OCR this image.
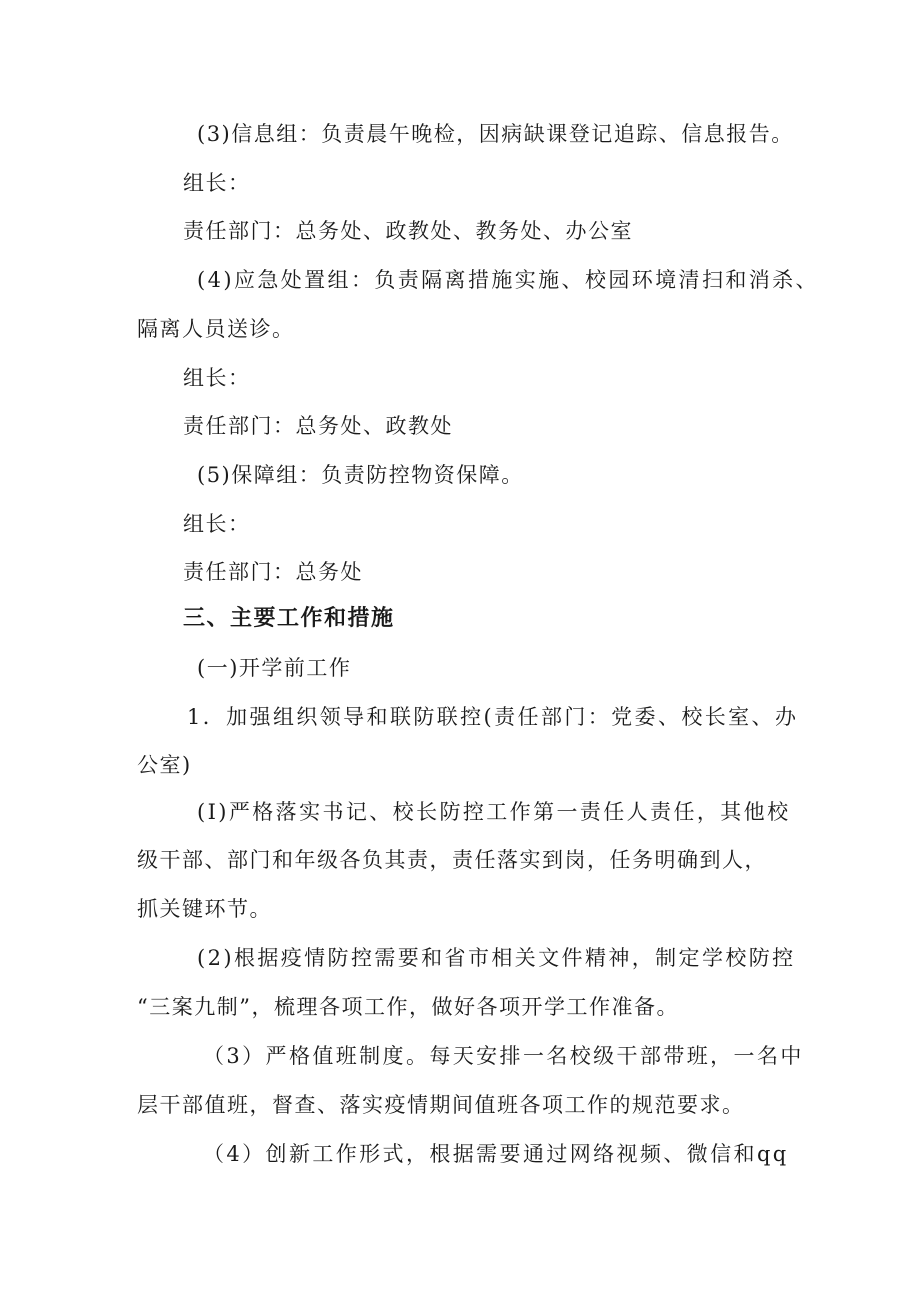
(3)信息组：负责晨午晚检，因病缺课登记追踪、信息报告。
组长：
责任部门：总务处、政教处、教务处、办公室
(4)应急处置组：负责隔离措施实施、校园环境清扫和消杀、
隔离人员送诊。
组长：
责任部门：总务处、政教处
(5)保障组：负责防控物资保障。
组长：
责任部门：总务处
三、主要工作和措施
(一)开学前工作
1．加强组织领导和联防联控(责任部门：党委、校长室、办
公室)
(I)严格落实书记、校长防控工作第一责任人责任，其他校
级干部、部门和年级各负其责，责任落实到岗，任务明确到人，
抓关键环节。
(2)根据疫情防控需要和省市相关文件精神，制定学校防控
“三案九制”，梳理各项工作，做好各项开学工作准备。
（3）严格值班制度。每天安排一名校级干部带班，一名中
层干部值班，督查、落实疫情期间值班各项工作的规范要求。
（4）创新工作形式，根据需要通过网络视频、微信和qq
